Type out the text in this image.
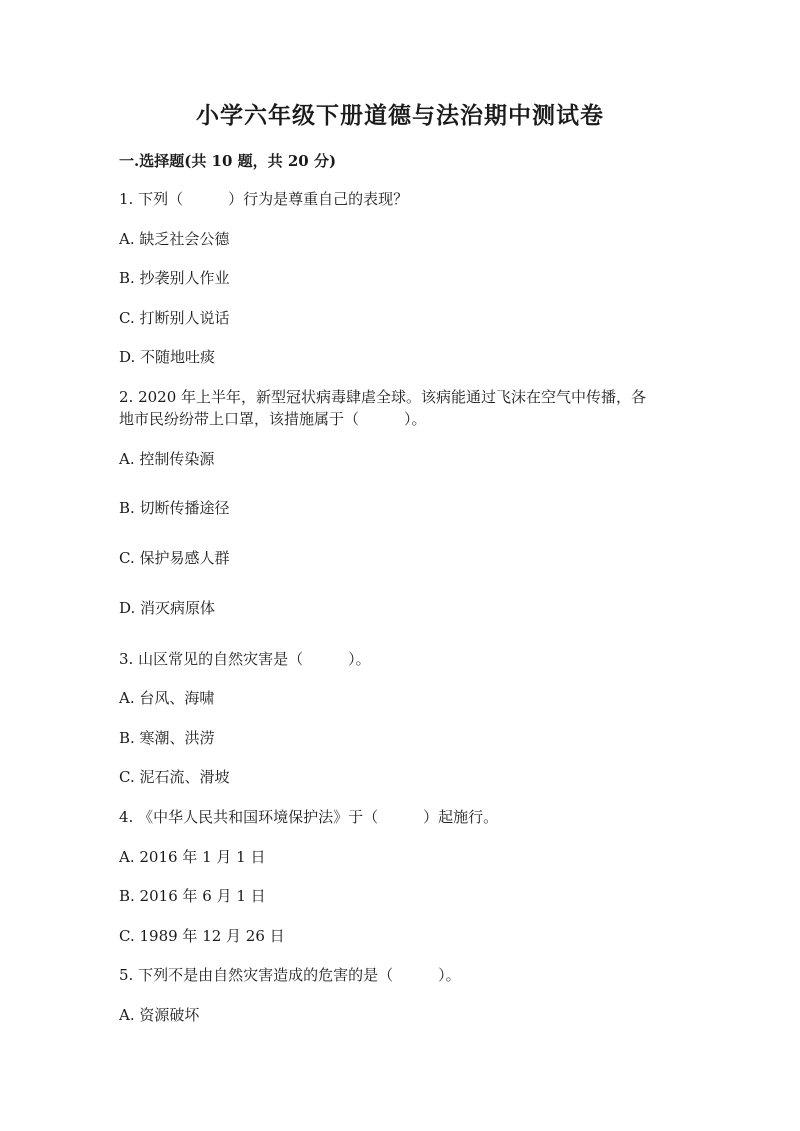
小学六年级下册道德与法治期中测试卷
一.选择题(共 10 题，共 20 分)
1. 下列（　　　）行为是尊重自己的表现？
A. 缺乏社会公德
B. 抄袭别人作业
C. 打断别人说话
D. 不随地吐痰
2. 2020 年上半年，新型冠状病毒肆虐全球。该病能通过飞沫在空气中传播，各
地市民纷纷带上口罩，该措施属于（　　　）。
A. 控制传染源
B. 切断传播途径
C. 保护易感人群
D. 消灭病原体
3. 山区常见的自然灾害是（　　　）。
A. 台风、海啸
B. 寒潮、洪涝
C. 泥石流、滑坡
4. 《中华人民共和国环境保护法》于（　　　）起施行。
A. 2016 年 1 月 1 日
B. 2016 年 6 月 1 日
C. 1989 年 12 月 26 日
5. 下列不是由自然灾害造成的危害的是（　　　）。
A. 资源破坏
